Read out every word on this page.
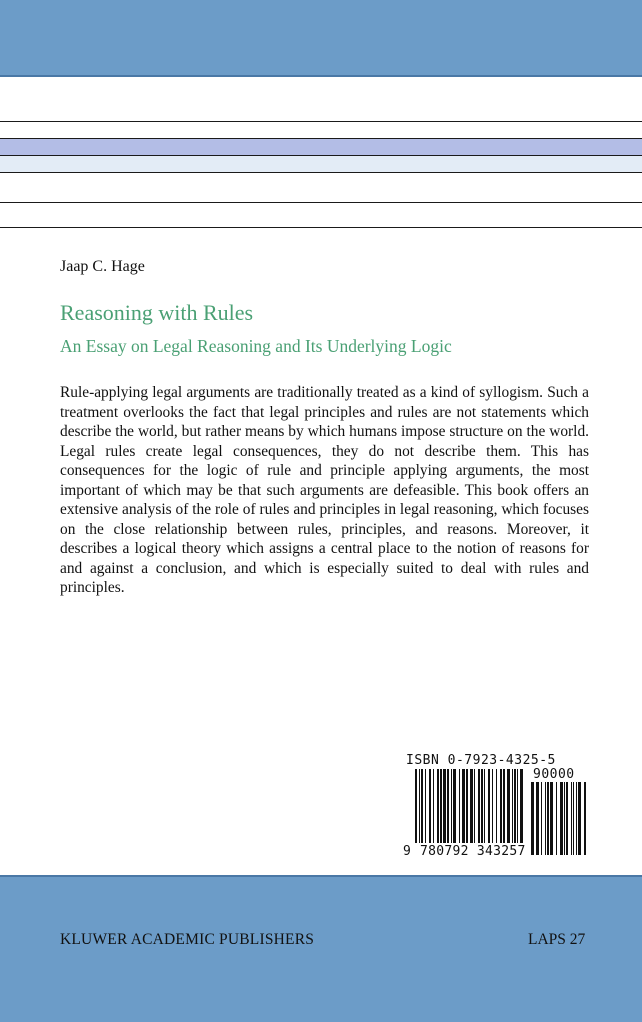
Jaap C. Hage
Reasoning with Rules
An Essay on Legal Reasoning and Its Underlying Logic

Rule-applying legal arguments are traditionally treated as a kind of syllogism. Such a treatment overlooks the fact that legal principles and rules are not statements which describe the world, but rather means by which humans impose structure on the world. Legal rules create legal consequences, they do not describe them. This has consequences for the logic of rule and principle applying arguments, the most important of which may be that such arguments are defeasible. This book offers an extensive analysis of the role of rules and principles in legal reasoning, which focuses on the close relationship between rules, principles, and reasons. Moreover, it describes a logical theory which assigns a central place to the notion of reasons for and against a conclusion, and which is especially suited to deal with rules and principles.

ISBN 0-7923-4325-5
90000
9 780792 343257
KLUWER ACADEMIC PUBLISHERS	LAPS 27
